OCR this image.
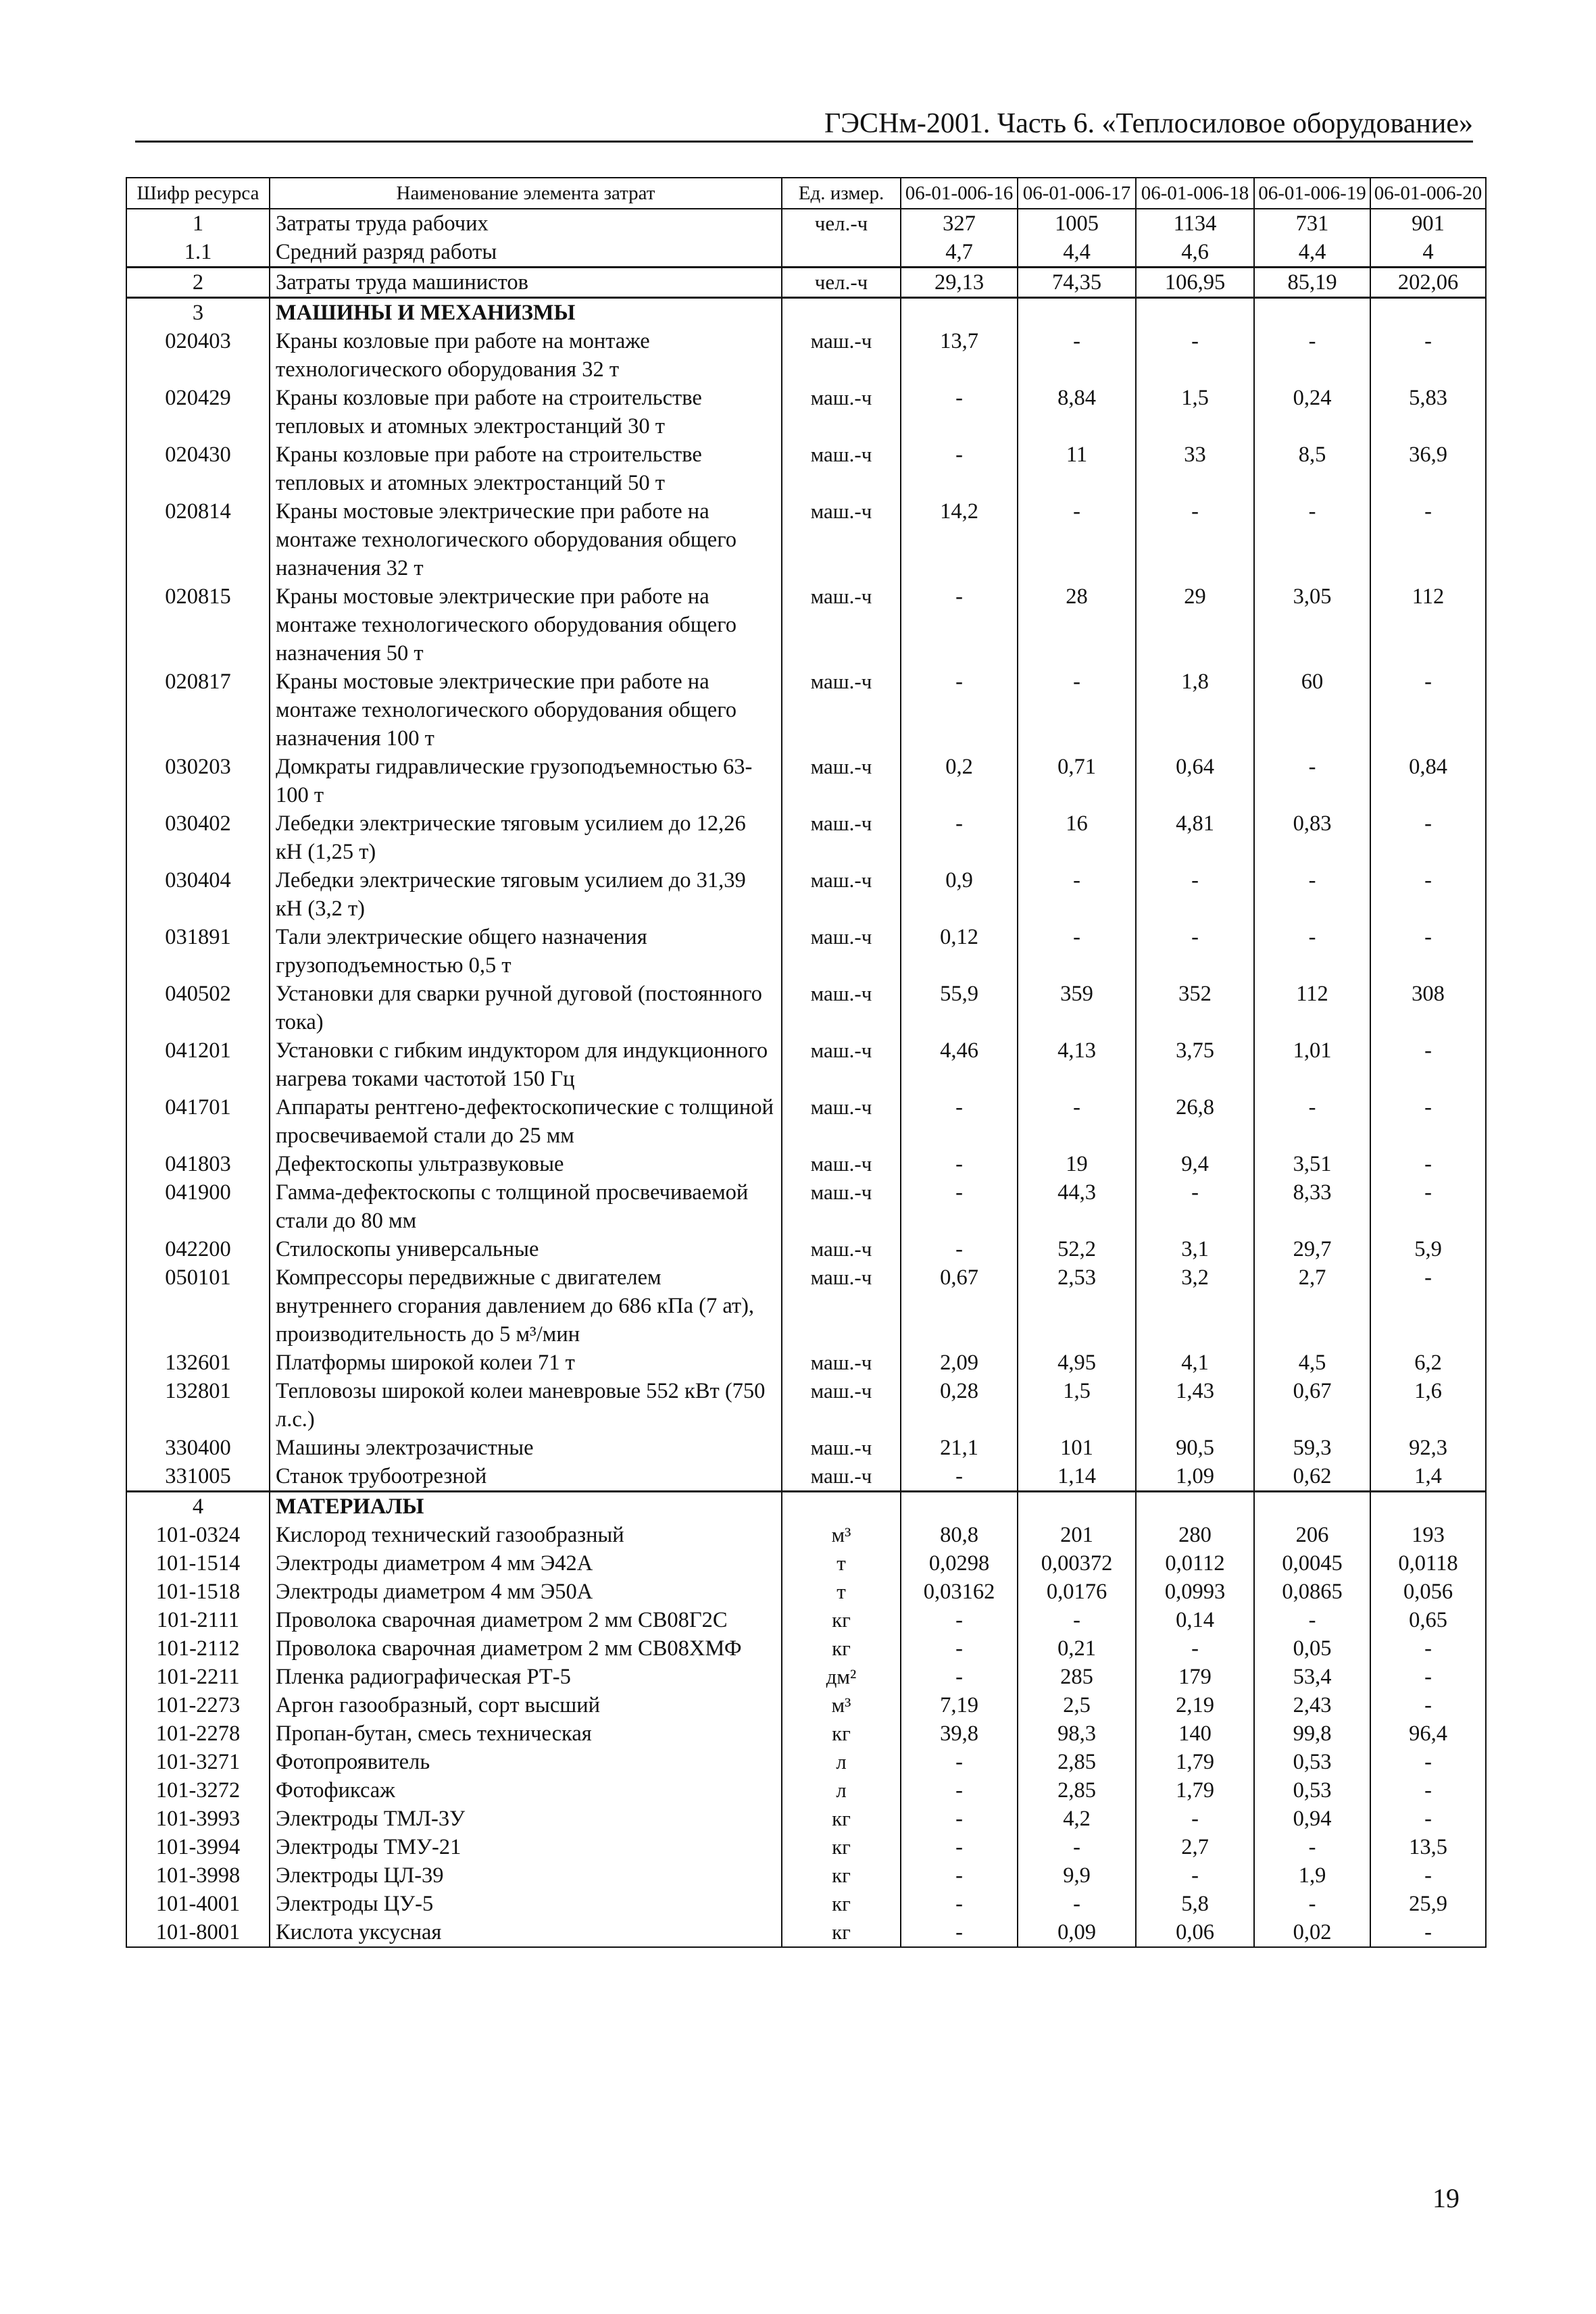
ГЭСНм-2001. Часть 6. «Теплосиловое оборудование»
Шифр ресурса	Наименование элемента затрат	Ед. измер.	06-01-006-16	06-01-006-17	06-01-006-18	06-01-006-19	06-01-006-20
1	Затраты труда рабочих	чел.-ч	327	1005	1134	731	901
1.1	Средний разряд работы		4,7	4,4	4,6	4,4	4
2	Затраты труда машинистов	чел.-ч	29,13	74,35	106,95	85,19	202,06
3	МАШИНЫ И МЕХАНИЗМЫ						
020403	Краны козловые при работе на монтаже технологического оборудования 32 т	маш.-ч	13,7	-	-	-	-
020429	Краны козловые при работе на строительстве тепловых и атомных электростанций 30 т	маш.-ч	-	8,84	1,5	0,24	5,83
020430	Краны козловые при работе на строительстве тепловых и атомных электростанций 50 т	маш.-ч	-	11	33	8,5	36,9
020814	Краны мостовые электрические при работе на монтаже технологического оборудования общего назначения 32 т	маш.-ч	14,2	-	-	-	-
020815	Краны мостовые электрические при работе на монтаже технологического оборудования общего назначения 50 т	маш.-ч	-	28	29	3,05	112
020817	Краны мостовые электрические при работе на монтаже технологического оборудования общего назначения 100 т	маш.-ч	-	-	1,8	60	-
030203	Домкраты гидравлические грузоподъемностью 63-100 т	маш.-ч	0,2	0,71	0,64	-	0,84
030402	Лебедки электрические тяговым усилием до 12,26 кН (1,25 т)	маш.-ч	-	16	4,81	0,83	-
030404	Лебедки электрические тяговым усилием до 31,39 кН (3,2 т)	маш.-ч	0,9	-	-	-	-
031891	Тали электрические общего назначения грузоподъемностью 0,5 т	маш.-ч	0,12	-	-	-	-
040502	Установки для сварки ручной дуговой (постоянного тока)	маш.-ч	55,9	359	352	112	308
041201	Установки с гибким индуктором для индукционного нагрева токами частотой 150 Гц	маш.-ч	4,46	4,13	3,75	1,01	-
041701	Аппараты рентгено-дефектоскопические с толщиной просвечиваемой стали до 25 мм	маш.-ч	-	-	26,8	-	-
041803	Дефектоскопы ультразвуковые	маш.-ч	-	19	9,4	3,51	-
041900	Гамма-дефектоскопы с толщиной просвечиваемой стали до 80 мм	маш.-ч	-	44,3	-	8,33	-
042200	Стилоскопы универсальные	маш.-ч	-	52,2	3,1	29,7	5,9
050101	Компрессоры передвижные с двигателем внутреннего сгорания давлением до 686 кПа (7 ат), производительность до 5 м³/мин	маш.-ч	0,67	2,53	3,2	2,7	-
132601	Платформы широкой колеи 71 т	маш.-ч	2,09	4,95	4,1	4,5	6,2
132801	Тепловозы широкой колеи маневровые 552 кВт (750 л.с.)	маш.-ч	0,28	1,5	1,43	0,67	1,6
330400	Машины электрозачистные	маш.-ч	21,1	101	90,5	59,3	92,3
331005	Станок трубоотрезной	маш.-ч	-	1,14	1,09	0,62	1,4
4	МАТЕРИАЛЫ						
101-0324	Кислород технический газообразный	м³	80,8	201	280	206	193
101-1514	Электроды диаметром 4 мм Э42А	т	0,0298	0,00372	0,0112	0,0045	0,0118
101-1518	Электроды диаметром 4 мм Э50А	т	0,03162	0,0176	0,0993	0,0865	0,056
101-2111	Проволока сварочная диаметром 2 мм СВ08Г2С	кг	-	-	0,14	-	0,65
101-2112	Проволока сварочная диаметром 2 мм СВ08ХМФ	кг	-	0,21	-	0,05	-
101-2211	Пленка радиографическая РТ-5	дм²	-	285	179	53,4	-
101-2273	Аргон газообразный, сорт высший	м³	7,19	2,5	2,19	2,43	-
101-2278	Пропан-бутан, смесь техническая	кг	39,8	98,3	140	99,8	96,4
101-3271	Фотопроявитель	л	-	2,85	1,79	0,53	-
101-3272	Фотофиксаж	л	-	2,85	1,79	0,53	-
101-3993	Электроды ТМЛ-3У	кг	-	4,2	-	0,94	-
101-3994	Электроды ТМУ-21	кг	-	-	2,7	-	13,5
101-3998	Электроды ЦЛ-39	кг	-	9,9	-	1,9	-
101-4001	Электроды ЦУ-5	кг	-	-	5,8	-	25,9
101-8001	Кислота уксусная	кг	-	0,09	0,06	0,02	-
19
